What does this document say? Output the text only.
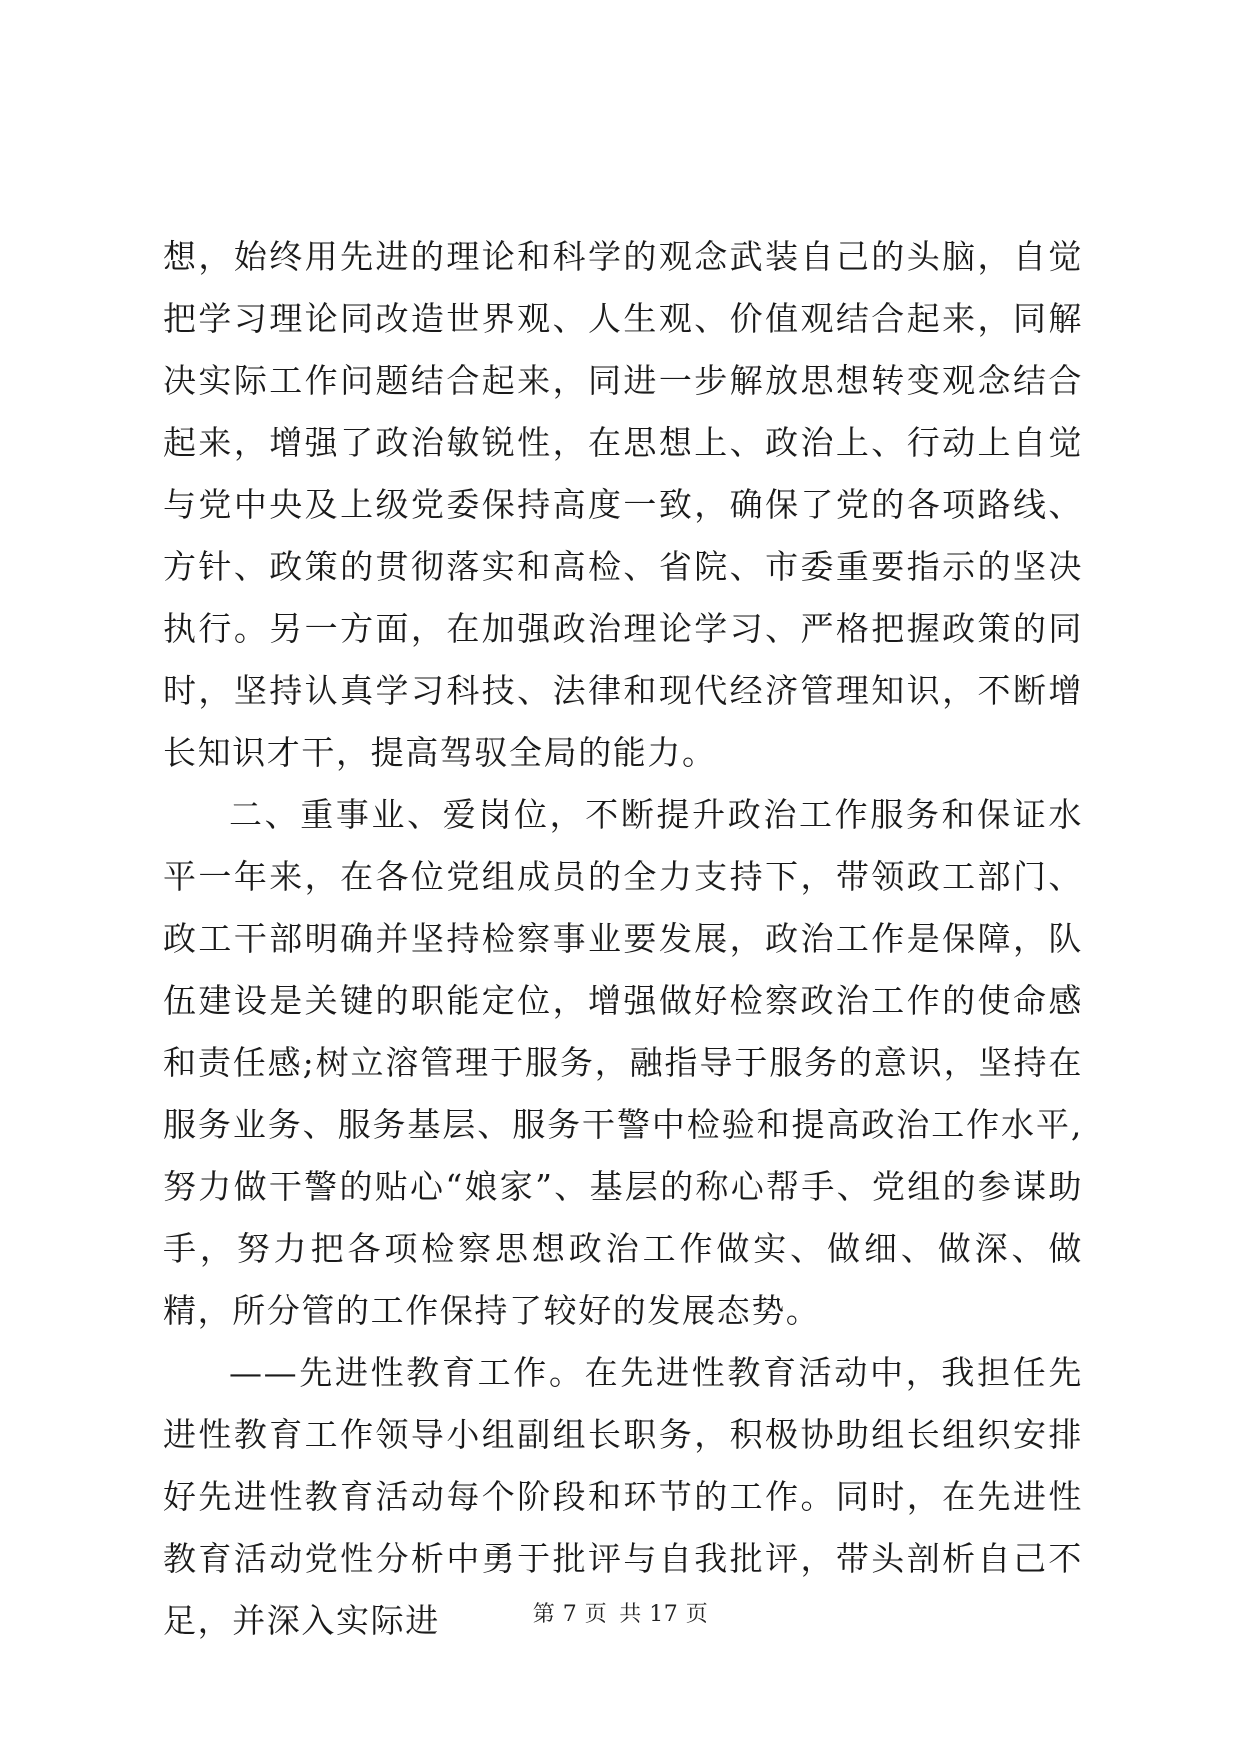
想，始终用先进的理论和科学的观念武装自己的头脑，自觉把学习理论同改造世界观、人生观、价值观结合起来，同解决实际工作问题结合起来，同进一步解放思想转变观念结合起来，增强了政治敏锐性，在思想上、政治上、行动上自觉与党中央及上级党委保持高度一致，确保了党的各项路线、方针、政策的贯彻落实和高检、省院、市委重要指示的坚决执行。另一方面，在加强政治理论学习、严格把握政策的同时，坚持认真学习科技、法律和现代经济管理知识，不断增长知识才干，提高驾驭全局的能力。

二、重事业、爱岗位，不断提升政治工作服务和保证水平一年来，在各位党组成员的全力支持下，带领政工部门、政工干部明确并坚持检察事业要发展，政治工作是保障，队伍建设是关键的职能定位，增强做好检察政治工作的使命感和责任感;树立溶管理于服务，融指导于服务的意识，坚持在服务业务、服务基层、服务干警中检验和提高政治工作水平,努力做干警的贴心“娘家”、基层的称心帮手、党组的参谋助手，努力把各项检察思想政治工作做实、做细、做深、做精，所分管的工作保持了较好的发展态势。

——先进性教育工作。在先进性教育活动中，我担任先进性教育工作领导小组副组长职务，积极协助组长组织安排好先进性教育活动每个阶段和环节的工作。同时，在先进性教育活动党性分析中勇于批评与自我批评，带头剖析自己不足，并深入实际进	第 7 页 共 17 页
